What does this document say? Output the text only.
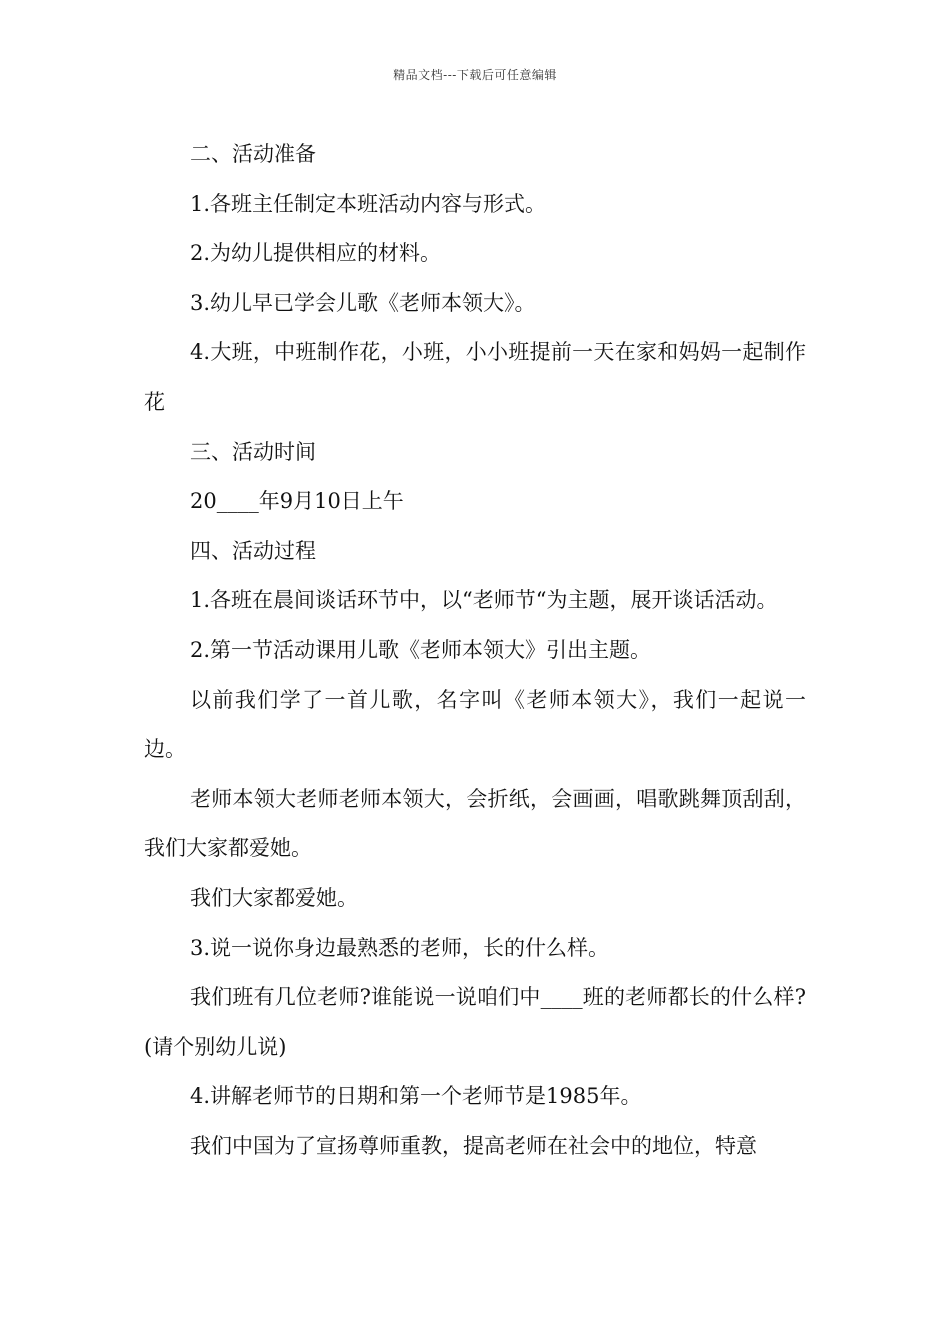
精品文档---下载后可任意编辑

二、活动准备

1.各班主任制定本班活动内容与形式。

2.为幼儿提供相应的材料。

3.幼儿早已学会儿歌《老师本领大》。

4.大班，中班制作花，小班，小小班提前一天在家和妈妈一起制作花

三、活动时间

20____年9月10日上午

四、活动过程

1.各班在晨间谈话环节中，以“老师节“为主题，展开谈话活动。

2.第一节活动课用儿歌《老师本领大》引出主题。

以前我们学了一首儿歌，名字叫《老师本领大》，我们一起说一边。

老师本领大老师老师本领大，会折纸，会画画，唱歌跳舞顶刮刮，我们大家都爱她。

我们大家都爱她。

3.说一说你身边最熟悉的老师，长的什么样。

我们班有几位老师?谁能说一说咱们中____班的老师都长的什么样?(请个别幼儿说)

4.讲解老师节的日期和第一个老师节是1985年。

我们中国为了宣扬尊师重教，提高老师在社会中的地位，特意
